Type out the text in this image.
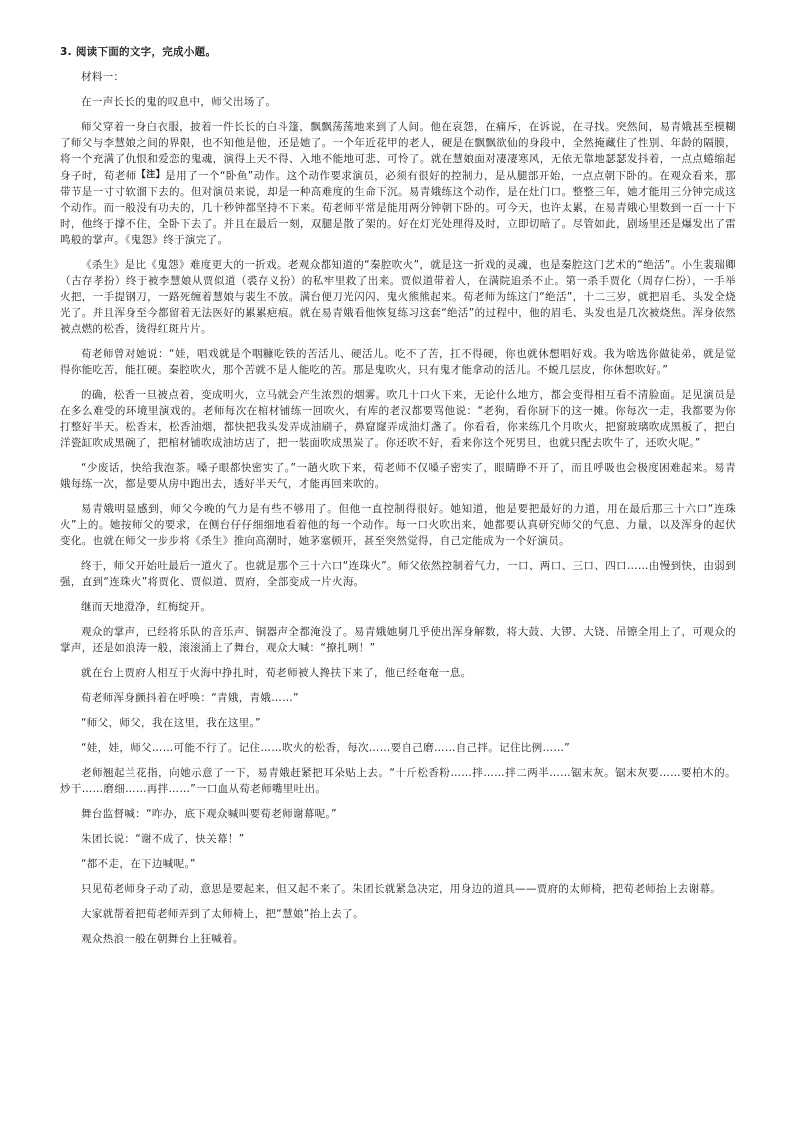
3. 阅读下面的文字，完成小题。
材料一：

在一声长长的鬼的叹息中，师父出场了。

师父穿着一身白衣服，披着一件长长的白斗篷，飘飘荡荡地来到了人间。他在哀怨，在痛斥，在诉说，在寻找。突然间，易青娥甚至模糊了师父与李慧娘之间的界限，也不知他是他，还是她了。一个年近花甲的老人，硬是在飘飘欲仙的身段中，全然掩藏住了性别、年龄的隔膜，将一个充满了仇恨和爱恋的鬼魂，演得上天不得、入地不能地可悲、可怜了。就在慧娘面对凄凄寒风，无依无靠地瑟瑟发抖着，一点点蜷缩起身子时，荀老师【注】是用了一个“卧鱼”动作。这个动作要求演员，必须有很好的控制力，是从腿部开始，一点点朝下卧的。在观众看来，那带节是一寸寸软溜下去的。但对演员来说，却是一种高难度的生命下沉。易青娥练这个动作，是在灶门口。整整三年，她才能用三分钟完成这个动作。而一般没有功夫的，几十秒钟都坚持不下来。荀老师平常是能用两分钟朝下卧的。可今天，也许太累，在易青娥心里数到一百一十下时，他终于撑不住，全卧下去了。并且在最后一刻，双腿是散了架的。好在灯光处理得及时，立即切暗了。尽管如此，剧场里还是爆发出了雷鸣般的掌声。《鬼怨》终于演完了。

《杀生》是比《鬼怨》难度更大的一折戏。老观众都知道的“秦腔吹火”，就是这一折戏的灵魂，也是秦腔这门艺术的“绝活”。小生裴瑞卿（古存孝扮）终于被李慧娘从贾似道（裘存义扮）的私牢里救了出来。贾似道带着人，在满院追杀不止。第一杀手贾化（周存仁扮），一手举火把，一手提钢刀，一路死缠着慧娘与裴生不放。满台便刀光闪闪、鬼火熊熊起来。荀老师为练这门“绝活”，十二三岁，就把眉毛、头发全烧光了。并且浑身至今都留着无法医好的累累疤痕。就在易青娥看他恢复练习这套“绝活”的过程中，他的眉毛、头发也是几次被烧焦。浑身依然被点燃的松香，烫得红斑片片。

荀老师曾对她说：“娃，唱戏就是个咽糠吃铁的苦活儿、硬活儿。吃不了苦，扛不得硬，你也就休想唱好戏。我为啥选你做徒弟，就是觉得你能吃苦，能扛硬。秦腔吹火，那个苦就不是人能吃的苦。那是鬼吹火，只有鬼才能拿动的活儿。不蜕几层皮，你休想吹好。”

的确，松香一旦被点着，变成明火，立马就会产生浓烈的烟雾。吹几十口火下来，无论什么地方，都会变得相互看不清脸面。足见演员是在多么难受的环境里演戏的。老师每次在棺材铺练一回吹火，有库的老汉都要骂他说：“老狗，看你厨下的这一摊。你每次一走，我都要为你打整好半天。松香末，松香油烟，都快把我头发弄成油刷子，鼻窟窿弄成油灯盏了。你看看，你来练几个月吹火，把窗玻璃吹成黑板了，把白洋瓷缸吹成黑碗了，把棺材铺吹成油坊店了，把一装面吹成黑炭了。你还吹不好，看来你这个死男旦，也就只配去吹牛了，还吹火呢。”

“少废话，快给我泡茶。嗓子眼都快密实了。”一趟火吹下来，荀老师不仅嗓子密实了，眼睛睁不开了，而且呼吸也会极度困难起来。易青娥每练一次，都是要从房中跑出去，透好半天气，才能再回来吹的。

易青娥明显感到，师父今晚的气力是有些不够用了。但他一直控制得很好。她知道，他是要把最好的力道，用在最后那三十六口“连珠火”上的。她按师父的要求，在侧台仔仔细细地看着他的每一个动作。每一口火吹出来，她都要认真研究师父的气息、力量，以及浑身的起伏变化。也就在师父一步步将《杀生》推向高潮时，她茅塞顿开，甚至突然觉得，自己定能成为一个好演员。

终于，师父开始吐最后一道火了。也就是那个三十六口“连珠火”。师父依然控制着气力，一口、两口、三口、四口……由慢到快，由弱到强，直到“连珠火”将贾化、贾似道、贾府，全部变成一片火海。

继而天地澄净，红梅绽开。

观众的掌声，已经将乐队的音乐声、铜器声全都淹没了。易青娥她舅几乎使出浑身解数，将大鼓、大锣、大铙、吊镲全用上了，可观众的掌声，还是如浪涛一般，滚滚涌上了舞台，观众大喊：“撩扎咧！”

就在台上贾府人相互于火海中挣扎时，荀老师被人搀扶下来了，他已经奄奄一息。

荀老师浑身颤抖着在呼唤：“青娥，青娥……”

“师父，师父，我在这里，我在这里。”

“娃，娃，师父……可能不行了。记住……吹火的松香，每次……要自己磨……自己拌。记住比例……”

老师翘起兰花指，向她示意了一下，易青娥赶紧把耳朵贴上去。“十斤松香粉……拌……拌二两半……锯末灰。锯末灰要……要柏木的。炒干……磨细……再拌……”一口血从荀老师嘴里吐出。

舞台监督喊：“咋办，底下观众喊叫要荀老师谢幕呢。”

朱团长说：“谢不成了，快关幕！”

“都不走，在下边喊呢。”

只见荀老师身子动了动，意思是要起来，但又起不来了。朱团长就紧急决定，用身边的道具——贾府的太师椅，把荀老师抬上去谢幕。

大家就帮着把荀老师弄到了太师椅上，把“慧娘”抬上去了。

观众热浪一般在朝舞台上狂喊着。
